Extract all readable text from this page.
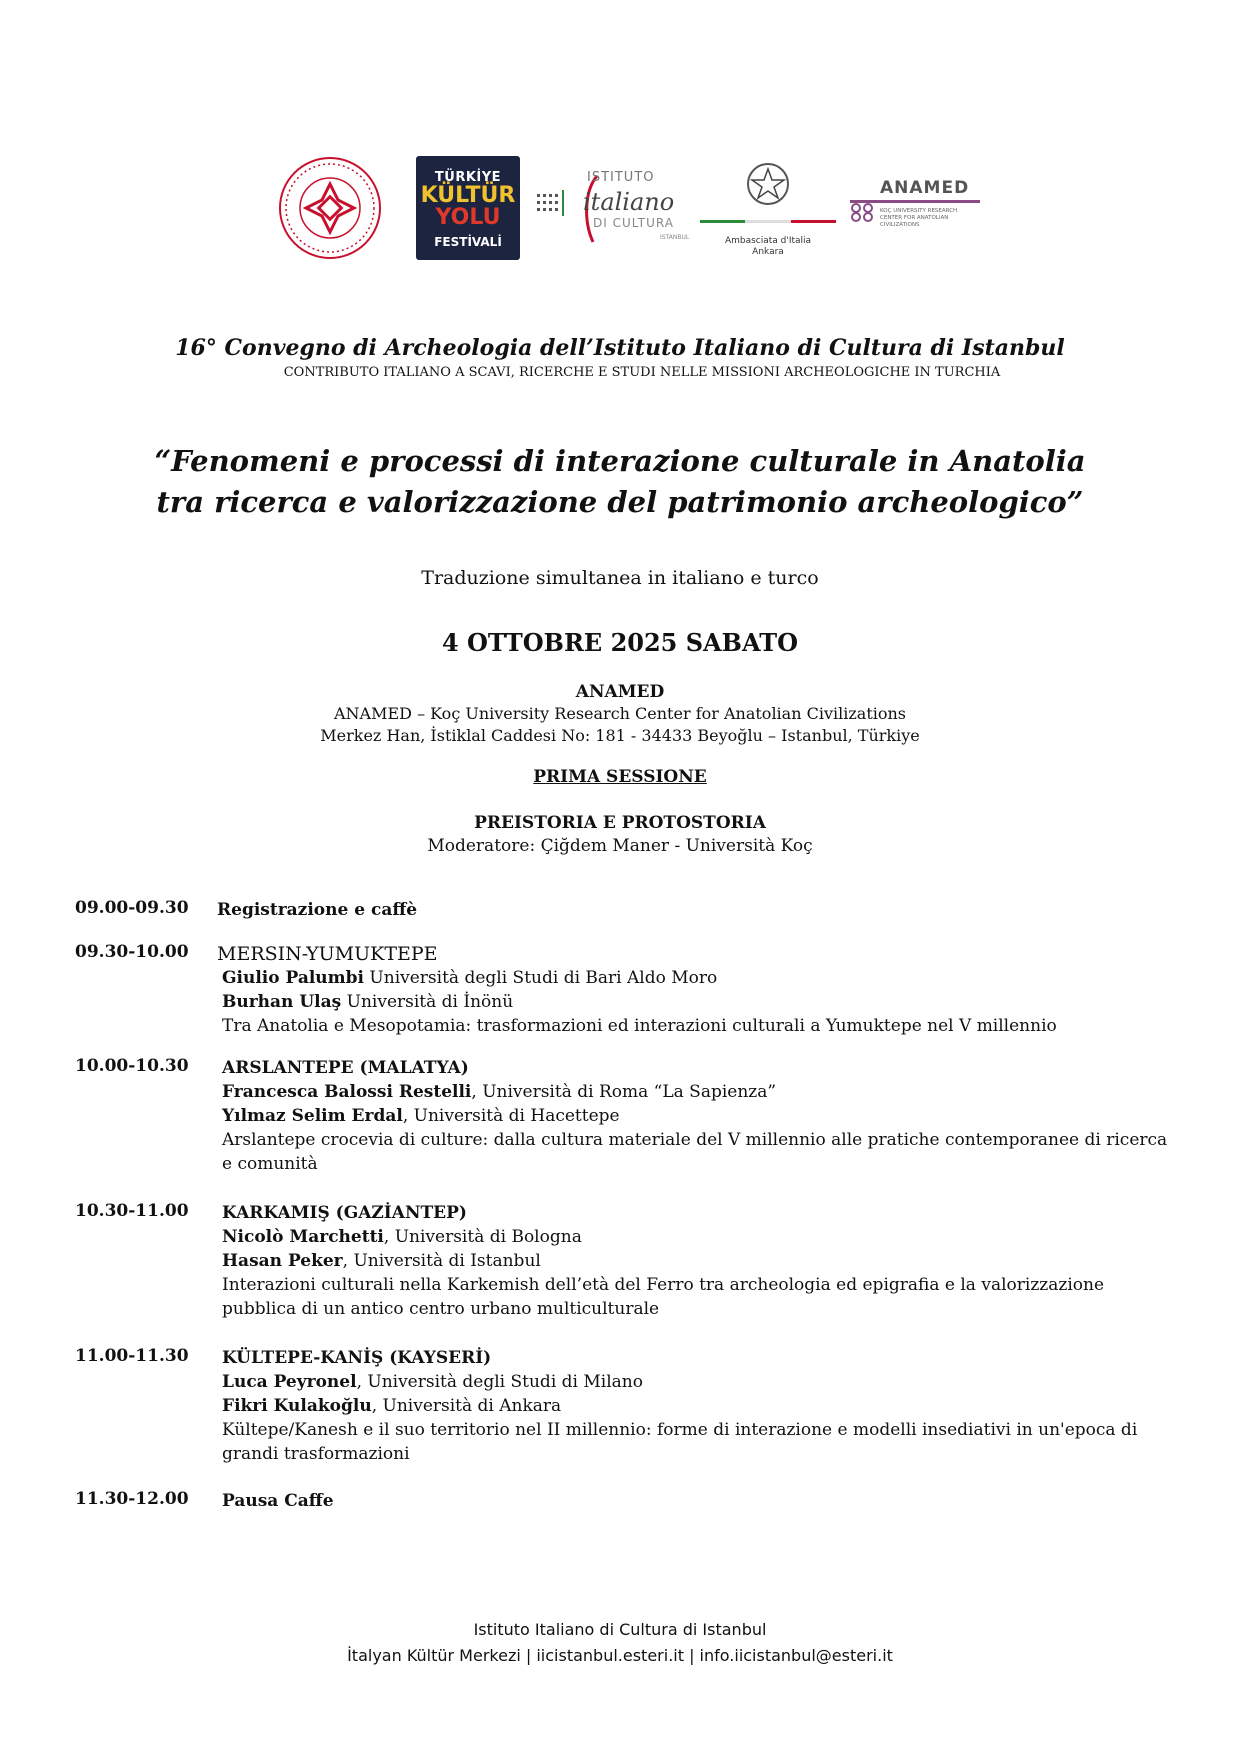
TÜRKİYE
KÜLTÜR
YOLU
FESTİVALİ
ISTITUTO
italiano
DI CULTURA
ISTANBUL	Ambasciata d'Italia
Ankara
ANAMED
KOÇ UNIVERSITY RESEARCH CENTER FOR ANATOLIAN CIVILIZATIONS
16° Convegno di Archeologia dell’Istituto Italiano di Cultura di Istanbul
CONTRIBUTO ITALIANO A SCAVI, RICERCHE E STUDI NELLE MISSIONI ARCHEOLOGICHE IN TURCHIA
“Fenomeni e processi di interazione culturale in Anatolia
tra ricerca e valorizzazione del patrimonio archeologico”
Traduzione simultanea in italiano e turco
4 OTTOBRE 2025 SABATO
ANAMED
ANAMED – Koç University Research Center for Anatolian Civilizations
Merkez Han, İstiklal Caddesi No: 181 - 34433 Beyoğlu – Istanbul, Türkiye
PRIMA SESSIONE
PREISTORIA E PROTOSTORIA
Moderatore: Çiğdem Maner - Università Koç
09.00-09.30 Registrazione e caffè
09.30-10.00 MERSIN-YUMUKTEPE
Giulio Palumbi Università degli Studi di Bari Aldo Moro
Burhan Ulaş Università di İnönü
Tra Anatolia e Mesopotamia: trasformazioni ed interazioni culturali a Yumuktepe nel V millennio
10.00-10.30 ARSLANTEPE (MALATYA)
Francesca Balossi Restelli, Università di Roma “La Sapienza”
Yılmaz Selim Erdal, Università di Hacettepe
Arslantepe crocevia di culture: dalla cultura materiale del V millennio alle pratiche contemporanee di ricerca e comunità
10.30-11.00 KARKAMIŞ (GAZİANTEP)
Nicolò Marchetti, Università di Bologna
Hasan Peker, Università di Istanbul
Interazioni culturali nella Karkemish dell’età del Ferro tra archeologia ed epigrafia e la valorizzazione pubblica di un antico centro urbano multiculturale
11.00-11.30 KÜLTEPE-KANİŞ (KAYSERİ)
Luca Peyronel, Università degli Studi di Milano
Fikri Kulakoğlu, Università di Ankara
Kültepe/Kanesh e il suo territorio nel II millennio: forme di interazione e modelli insediativi in un'epoca di grandi trasformazioni
11.30-12.00 Pausa Caffe
Istituto Italiano di Cultura di Istanbul
İtalyan Kültür Merkezi | iicistanbul.esteri.it | info.iicistanbul@esteri.it
